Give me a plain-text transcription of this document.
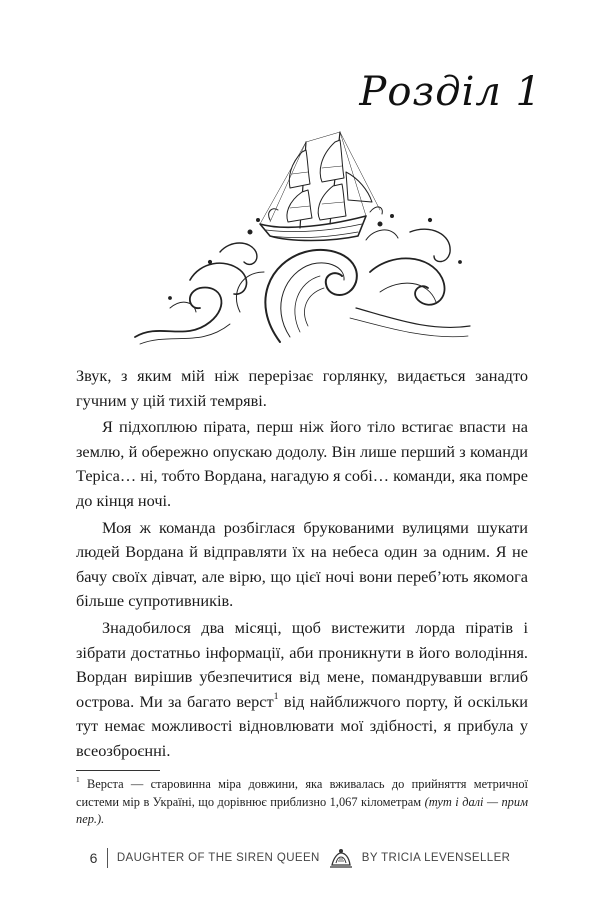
Розділ 1

Звук, з яким мій ніж перерізає горлянку, видається занадто гучним у цій тихій темряві.

Я підхоплюю пірата, перш ніж його тіло встигає впасти на землю, й обережно опускаю додолу. Він лише перший з команди Теріса… ні, тобто Вордана, нагадую я собі… команди, яка помре до кінця ночі.

Моя ж команда розбіглася брукованими вулицями шукати людей Вордана й відправляти їх на небеса один за одним. Я не бачу своїх дівчат, але вірю, що цієї ночі вони переб’ють якомога більше супротивників.

Знадобилося два місяці, щоб вистежити лорда піратів і зібрати достатньо інформації, аби проникнути в його володіння. Вордан вирішив убезпечитися від мене, помандрувавши вглиб острова. Ми за багато верст$^1$ від найближчого порту, й оскільки тут немає можливості відновлювати мої здібності, я прибула у всеозброєнні.

$^1$ Верста — старовинна міра довжини, яка вживалась до прийняття метричної системи мір в Україні, що дорівнює приблизно 1,067 кілометрам (тут і далі — прим пер.).
6 DAUGHTER OF THE SIREN QUEEN	BY TRICIA LEVENSELLER
